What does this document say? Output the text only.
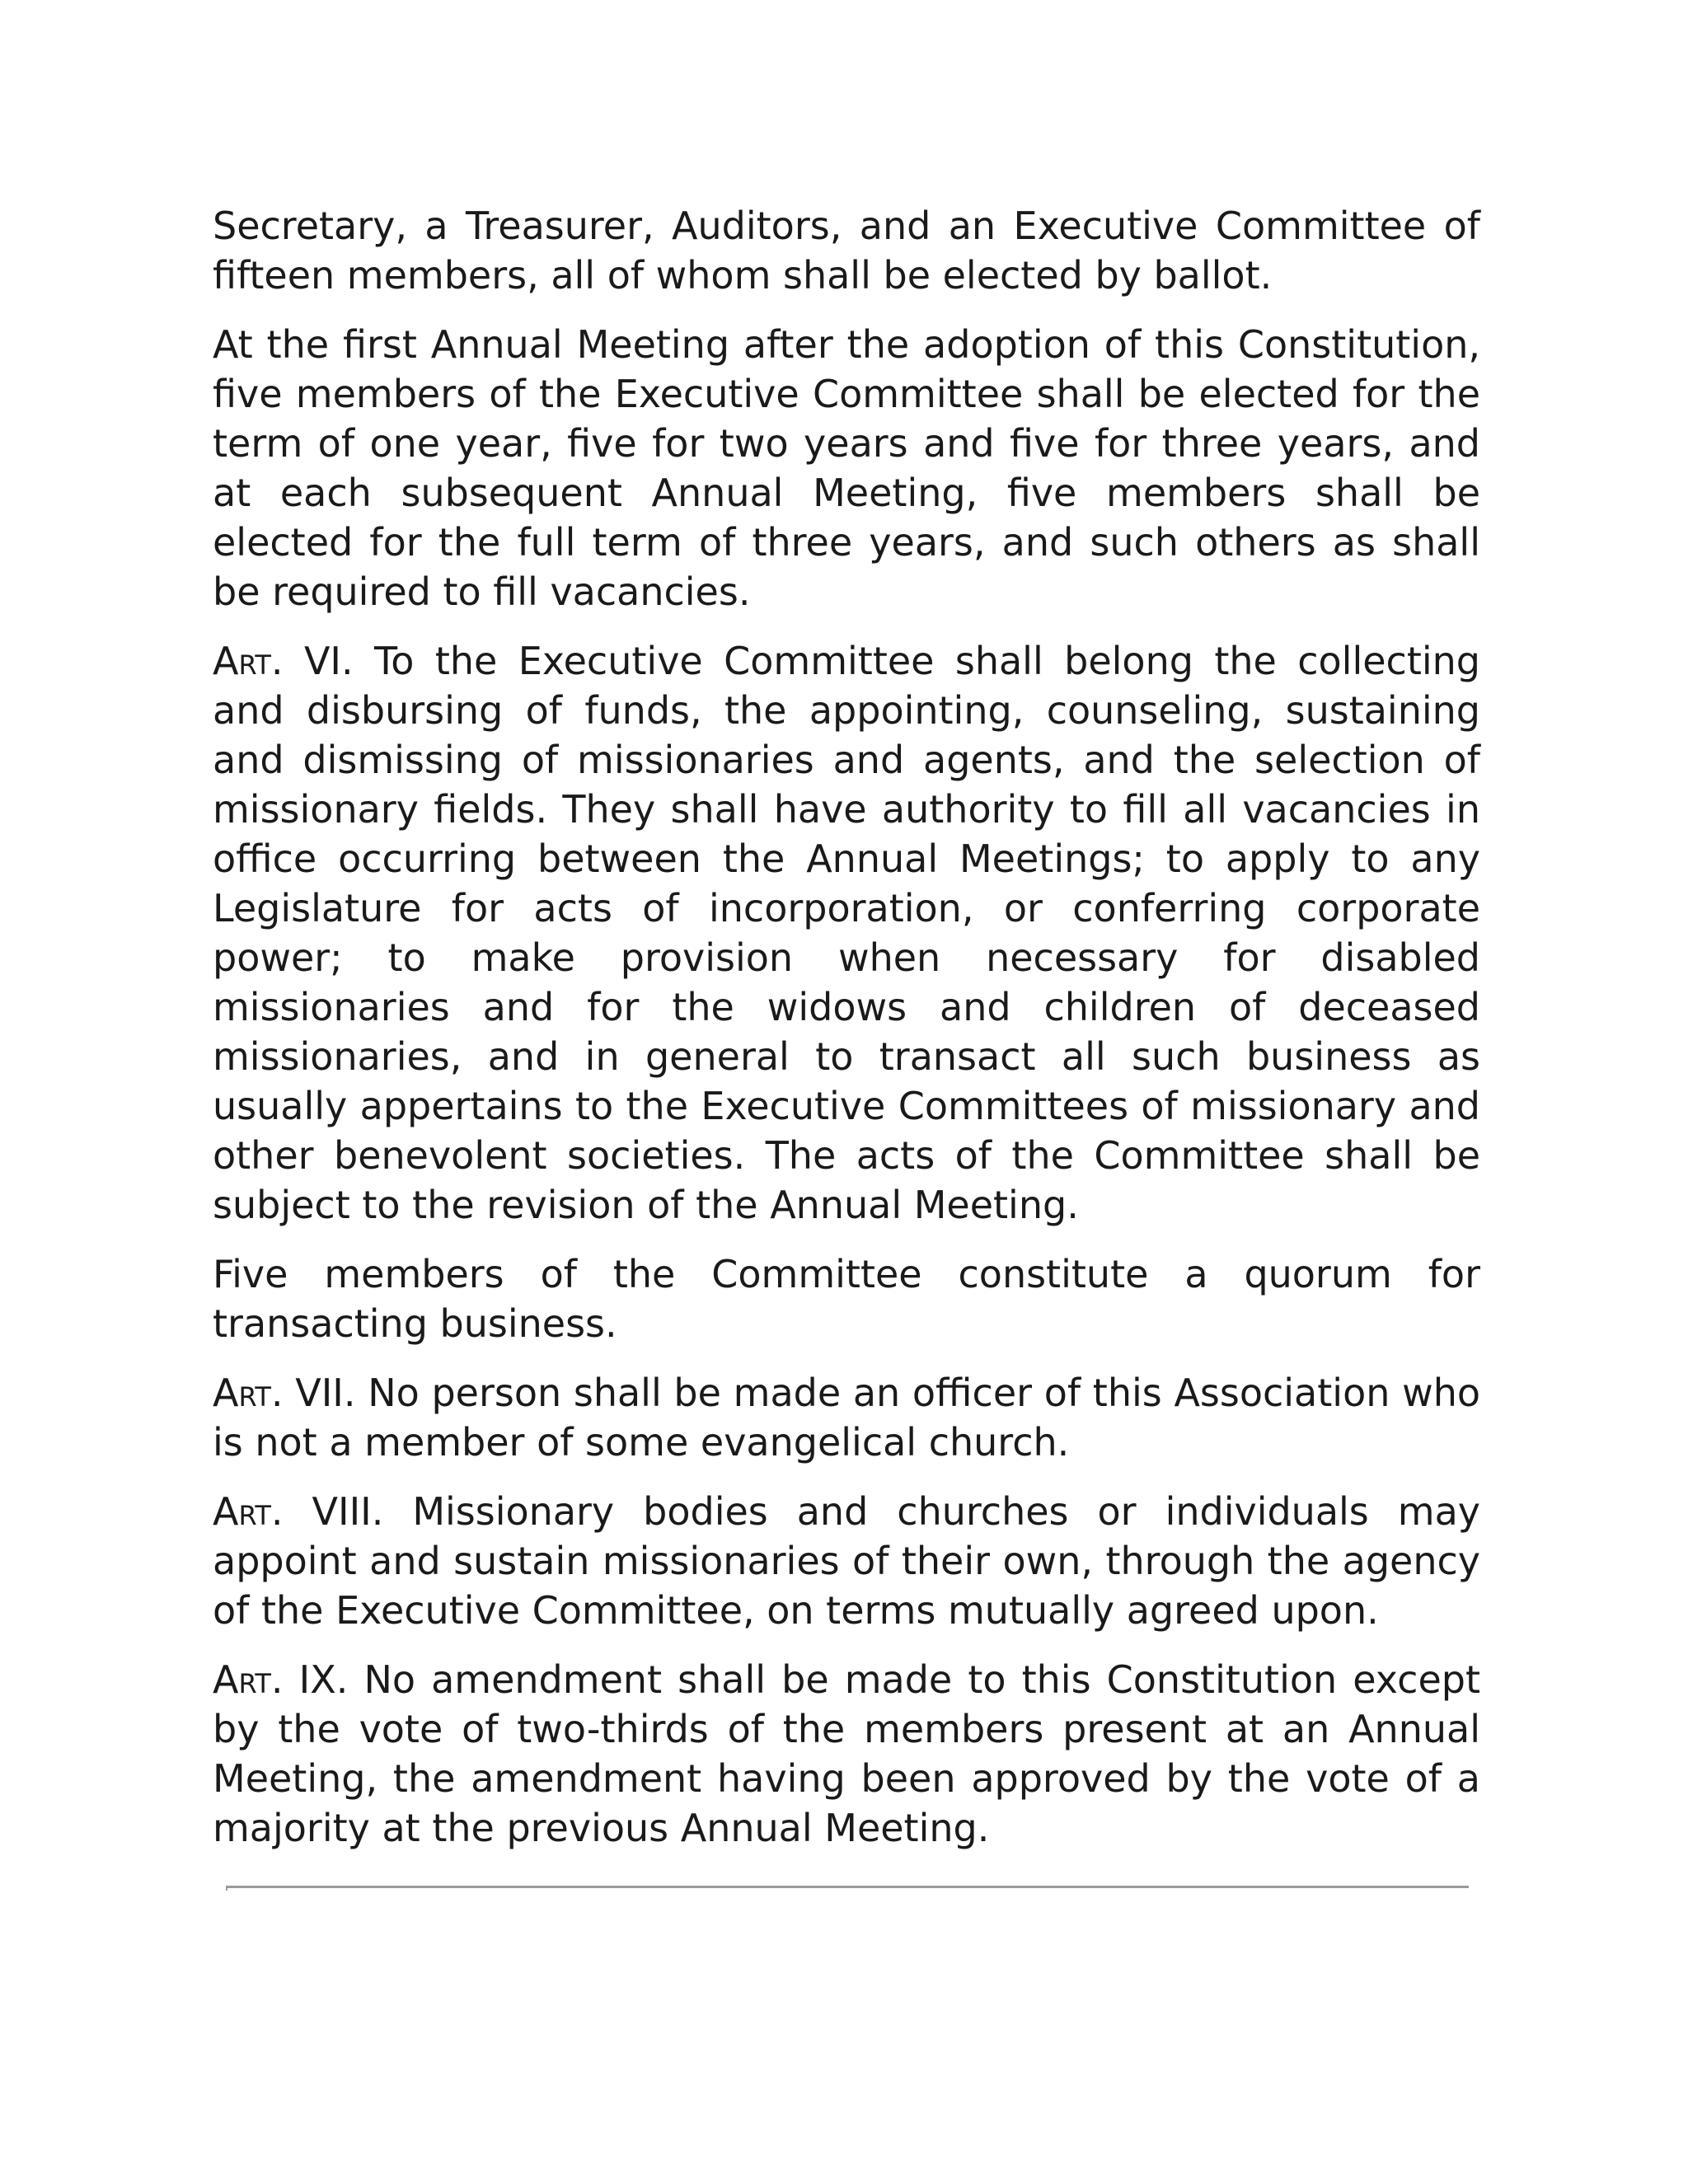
Secretary, a Treasurer, Auditors, and an Executive Committee of fifteen members, all of whom shall be elected by ballot.

At the first Annual Meeting after the adoption of this Constitution, five members of the Executive Committee shall be elected for the term of one year, five for two years and five for three years, and at each subsequent Annual Meeting, five members shall be elected for the full term of three years, and such others as shall be required to fill vacancies.

Art. VI. To the Executive Committee shall belong the collecting and disbursing of funds, the appointing, counseling, sustaining and dismissing of missionaries and agents, and the selection of missionary fields. They shall have authority to fill all vacancies in office occurring between the Annual Meetings; to apply to any Legislature for acts of incorporation, or conferring corporate power; to make provision when necessary for disabled missionaries and for the widows and children of deceased missionaries, and in general to transact all such business as usually appertains to the Executive Committees of missionary and other benevolent societies. The acts of the Committee shall be subject to the revision of the Annual Meeting.

Five members of the Committee constitute a quorum for transacting business.

Art. VII. No person shall be made an officer of this Association who is not a member of some evangelical church.

Art. VIII. Missionary bodies and churches or individuals may appoint and sustain missionaries of their own, through the agency of the Executive Committee, on terms mutually agreed upon.

Art. IX. No amendment shall be made to this Constitution except by the vote of two-thirds of the members present at an Annual Meeting, the amendment having been approved by the vote of a majority at the previous Annual Meeting.
